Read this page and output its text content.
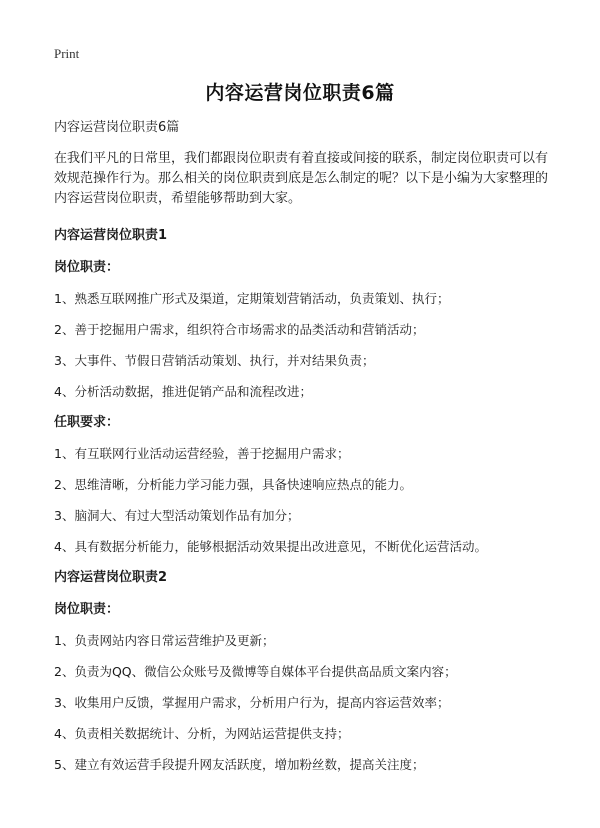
Print
内容运营岗位职责6篇
内容运营岗位职责6篇
在我们平凡的日常里，我们都跟岗位职责有着直接或间接的联系，制定岗位职责可以有效规范操作行为。那么相关的岗位职责到底是怎么制定的呢？以下是小编为大家整理的内容运营岗位职责，希望能够帮助到大家。
内容运营岗位职责1
岗位职责：
1、熟悉互联网推广形式及渠道，定期策划营销活动，负责策划、执行；
2、善于挖掘用户需求，组织符合市场需求的品类活动和营销活动；
3、大事件、节假日营销活动策划、执行，并对结果负责；
4、分析活动数据，推进促销产品和流程改进；
任职要求：
1、有互联网行业活动运营经验，善于挖掘用户需求；
2、思维清晰，分析能力学习能力强，具备快速响应热点的能力。
3、脑洞大、有过大型活动策划作品有加分；
4、具有数据分析能力，能够根据活动效果提出改进意见，不断优化运营活动。
内容运营岗位职责2
岗位职责：
1、负责网站内容日常运营维护及更新；
2、负责为QQ、微信公众账号及微博等自媒体平台提供高品质文案内容；
3、收集用户反馈，掌握用户需求，分析用户行为，提高内容运营效率；
4、负责相关数据统计、分析，为网站运营提供支持；
5、建立有效运营手段提升网友活跃度，增加粉丝数，提高关注度；
